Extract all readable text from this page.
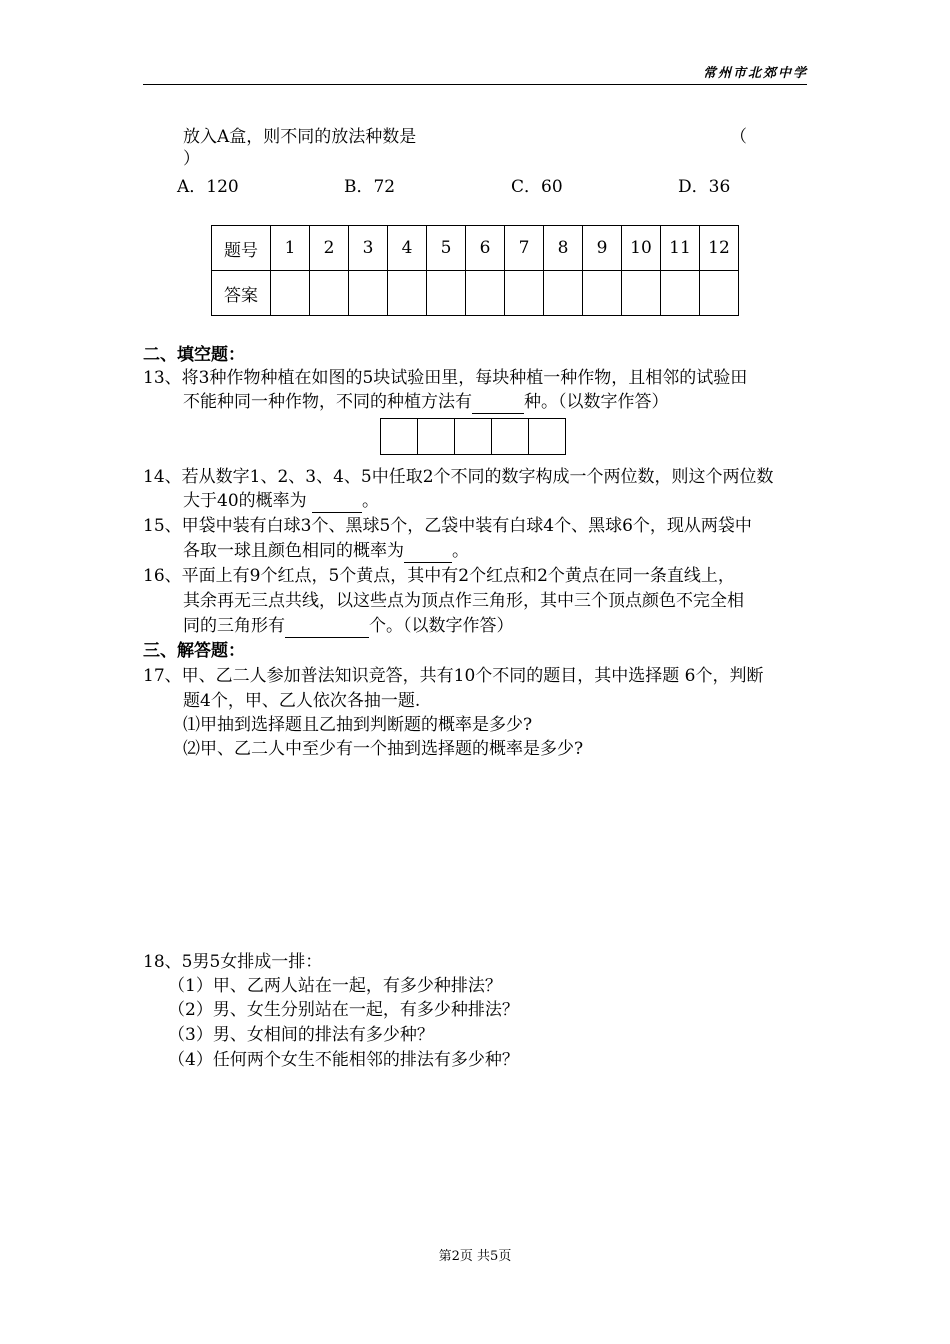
常州市北郊中学
放入A盒，则不同的放法种数是	（
）
A．120	B．72	C．60	D．36
题号	1	2	3	4	5	6	7	8	9	10	11	12
答案												
二、填空题：
13、将3种作物种植在如图的5块试验田里，每块种植一种作物，且相邻的试验田
不能种同一种作物，不同的种植方法有	种。（以数字作答）
14、若从数字1、2、3、4、5中任取2个不同的数字构成一个两位数，则这个两位数
大于40的概率为	。
15、甲袋中装有白球3个、黑球5个，乙袋中装有白球4个、黑球6个，现从两袋中
各取一球且颜色相同的概率为	。
16、平面上有9个红点，5个黄点，其中有2个红点和2个黄点在同一条直线上，
其余再无三点共线，以这些点为顶点作三角形，其中三个顶点颜色不完全相
同的三角形有	个。（以数字作答）
三、解答题：
17、甲、乙二人参加普法知识竞答，共有10个不同的题目，其中选择题 6个，判断
题4个，甲、乙人依次各抽一题.
⑴甲抽到选择题且乙抽到判断题的概率是多少?
⑵甲、乙二人中至少有一个抽到选择题的概率是多少?
18、5男5女排成一排：
（1）甲、乙两人站在一起，有多少种排法？
（2）男、女生分别站在一起，有多少种排法？
（3）男、女相间的排法有多少种？
（4）任何两个女生不能相邻的排法有多少种？
第2页 共5页
